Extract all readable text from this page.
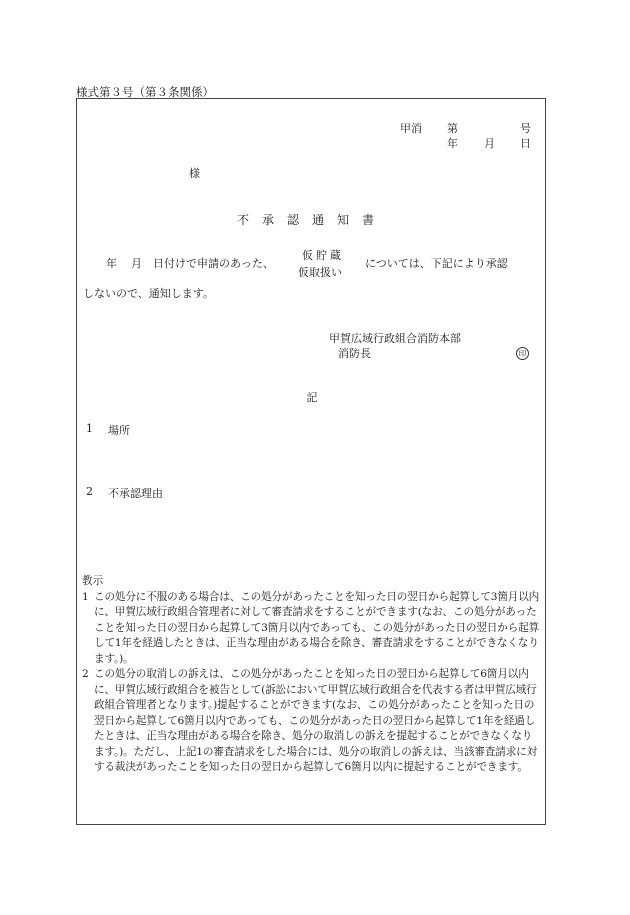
様式第３号（第３条関係）
甲消 第	号
年 月 日
様
不承認通知書
年 月 日付けで申請のあった、
仮貯蔵
仮取扱い
については、下記により承認
しないので、通知します。
甲賀広域行政組合消防本部
消防長	印
記
1 場所
2 不承認理由
教示
1 この処分に不服のある場合は、この処分があったことを知った日の翌日から起算して3箇月以内に、甲賀広域行政組合管理者に対して審査請求をすることができます(なお、この処分があったことを知った日の翌日から起算して3箇月以内であっても、この処分があった日の翌日から起算して1年を経過したときは、正当な理由がある場合を除き、審査請求をすることができなくなります。)。
2 この処分の取消しの訴えは、この処分があったことを知った日の翌日から起算して6箇月以内に、甲賀広域行政組合を被告として(訴訟において甲賀広域行政組合を代表する者は甲賀広域行政組合管理者となります。)提起することができます(なお、この処分があったことを知った日の翌日から起算して6箇月以内であっても、この処分があった日の翌日から起算して1年を経過したときは、正当な理由がある場合を除き、処分の取消しの訴えを提起することができなくなります。)。ただし、上記1の審査請求をした場合には、処分の取消しの訴えは、当該審査請求に対する裁決があったことを知った日の翌日から起算して6箇月以内に提起することができます。
